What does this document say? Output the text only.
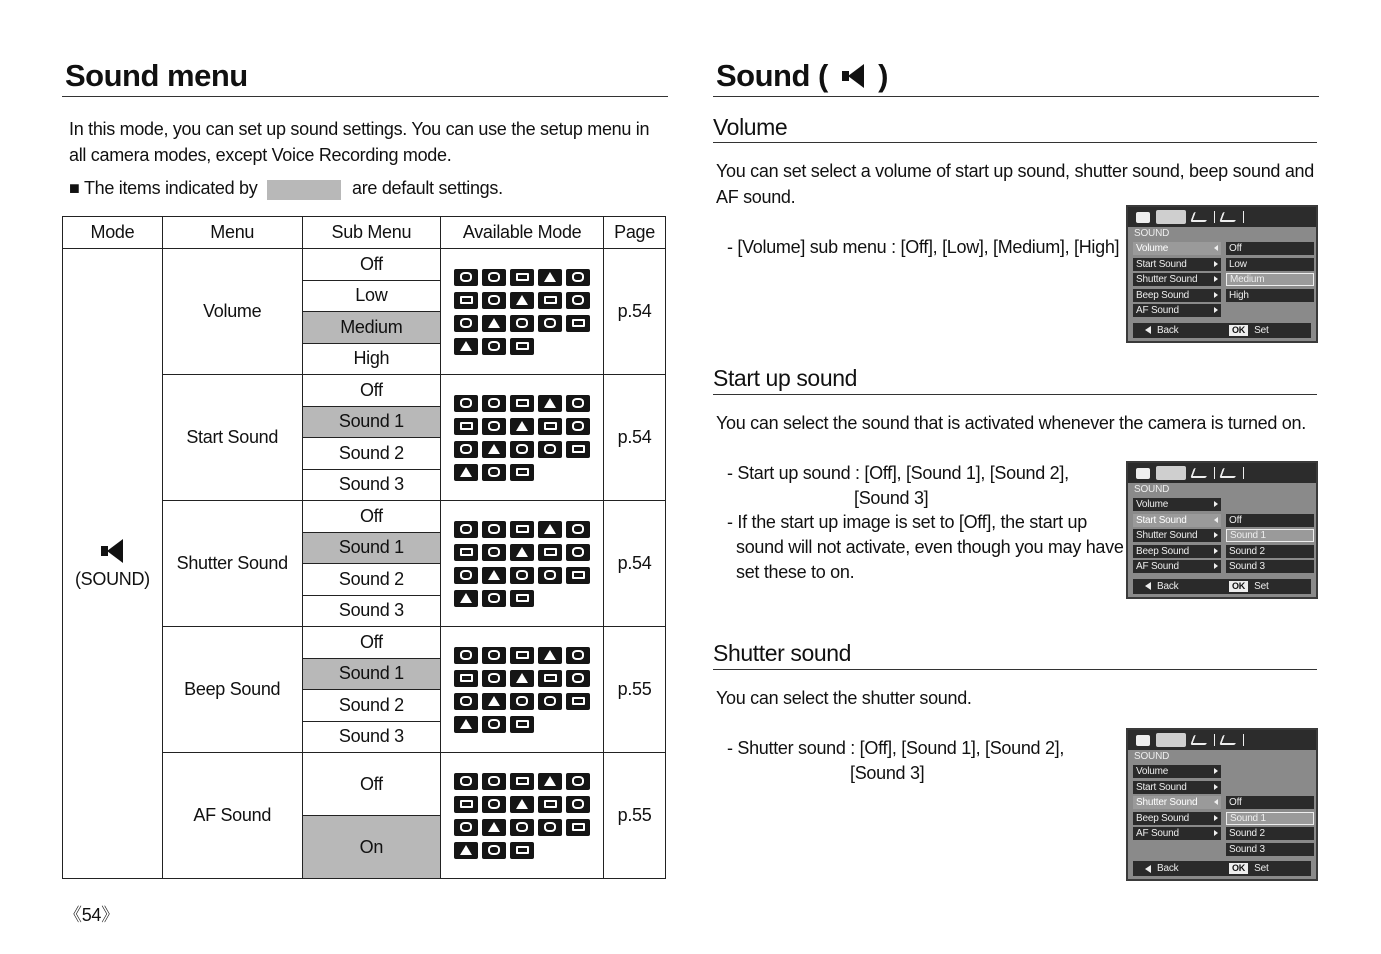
Sound menu
In this mode, you can set up sound settings. You can use the setup menu in all camera modes, except Voice Recording mode.
■ The items indicated by	are default settings.
Mode	Menu	Sub Menu	Available Mode	Page

(SOUND)	Volume	Off		p.54
		Low		
		Medium		
		High		
	Start Sound	Off		p.54
		Sound 1		
		Sound 2		
		Sound 3		
	Shutter Sound	Off		p.54
		Sound 1		
		Sound 2		
		Sound 3		
	Beep Sound	Off		p.55
		Sound 1		
		Sound 2		
		Sound 3		
	AF Sound	Off		p.55
		On		
《54》
Sound ( )
Volume
You can set select a volume of start up sound, shutter sound, beep sound and AF sound.
- [Volume] sub menu : [Off], [Low], [Medium], [High]
Start up sound
You can select the sound that is activated whenever the camera is turned on.
- Start up sound : [Off], [Sound 1], [Sound 2],
[Sound 3]
- If the start up image is set to [Off], the start up
sound will not activate, even though you may have
set these to on.
Shutter sound
You can select the shutter sound.
- Shutter sound : [Off], [Sound 1], [Sound 2],
[Sound 3]
SOUND
Volume	Off
Start Sound	Low
Shutter Sound	Medium
Beep Sound	High
AF Sound
Back	OK Set
SOUND
Volume
Start Sound	Off
Shutter Sound	Sound 1
Beep Sound	Sound 2
AF Sound	Sound 3
Back	OK Set
SOUND
Volume
Start Sound
Shutter Sound	Off
Beep Sound	Sound 1
AF Sound	Sound 2
Sound 3
Back	OK Set
